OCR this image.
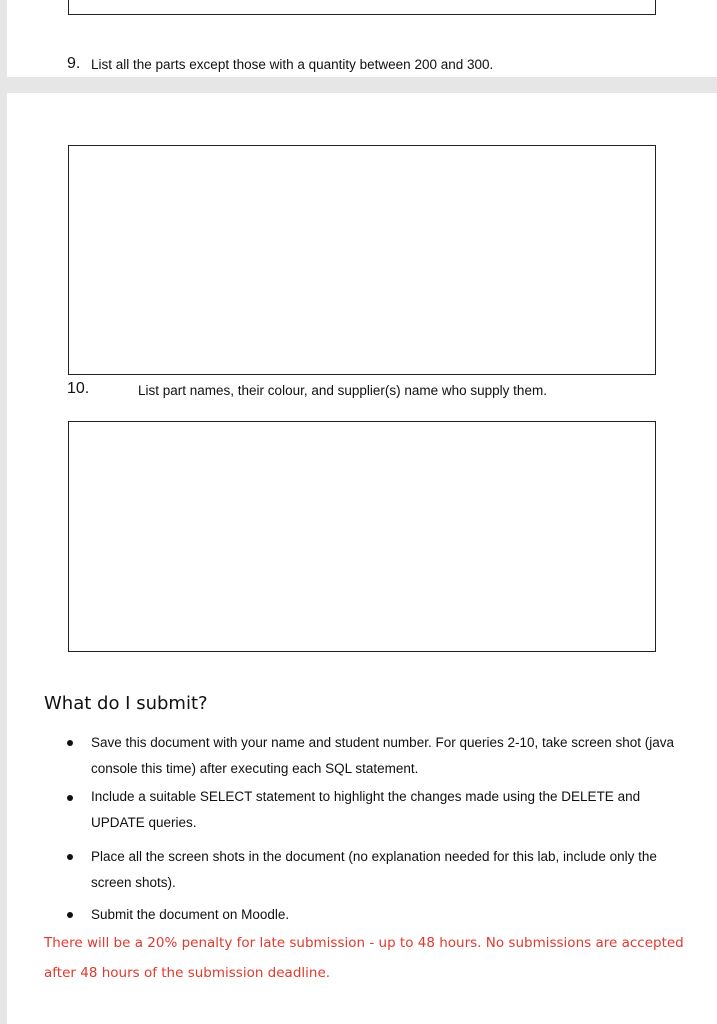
9. List all the parts except those with a quantity between 200 and 300.
10.	List part names, their colour, and supplier(s) name who supply them.
What do I submit?
Save this document with your name and student number. For queries 2-10, take screen shot (java console this time) after executing each SQL statement.
Include a suitable SELECT statement to highlight the changes made using the DELETE and UPDATE queries.
Place all the screen shots in the document (no explanation needed for this lab, include only the screen shots).
Submit the document on Moodle.
There will be a 20% penalty for late submission - up to 48 hours. No submissions are accepted after 48 hours of the submission deadline.
